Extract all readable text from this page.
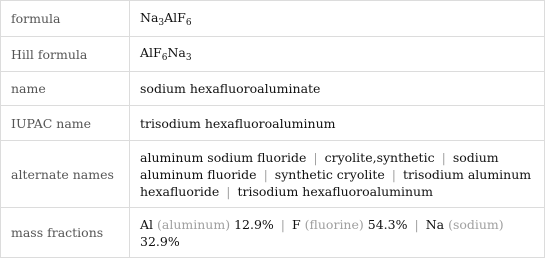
formula	$Na_3AlF_6$
Hill formula	$AlF_6Na_3$
name	sodium hexafluoroaluminate
IUPAC name	trisodium hexafluoroaluminum
alternate names	aluminum sodium fluoride | cryolite,synthetic | sodium aluminum fluoride | synthetic cryolite | trisodium aluminum hexafluoride | trisodium hexafluoroaluminum
mass fractions	Al (aluminum) 12.9% | F (fluorine) 54.3% | Na (sodium) 32.9%
